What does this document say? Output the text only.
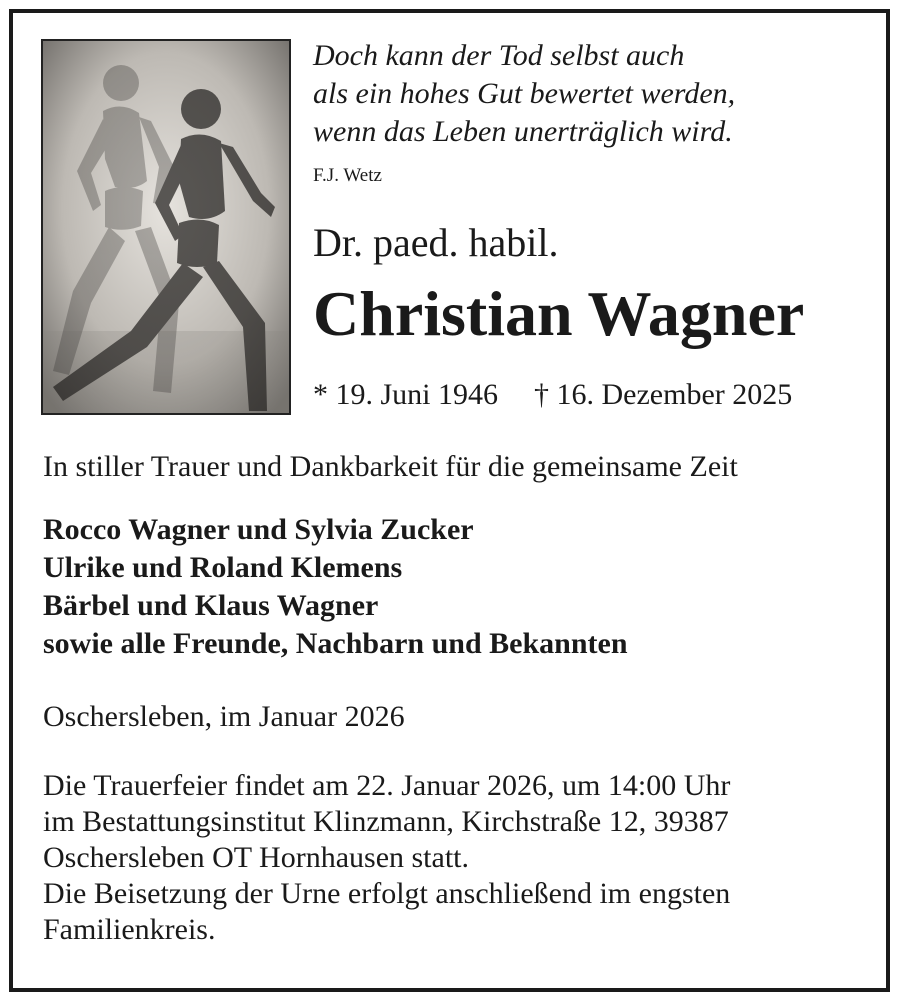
Doch kann der Tod selbst auch
als ein hohes Gut bewertet werden,
wenn das Leben unerträglich wird.
F.J. Wetz
Dr. paed. habil.
Christian Wagner
* 19. Juni 1946 † 16. Dezember 2025
In stiller Trauer und Dankbarkeit für die gemeinsame Zeit
Rocco Wagner und Sylvia Zucker
Ulrike und Roland Klemens
Bärbel und Klaus Wagner
sowie alle Freunde, Nachbarn und Bekannten
Oschersleben, im Januar 2026
Die Trauerfeier findet am 22. Januar 2026, um 14:00 Uhr
im Bestattungsinstitut Klinzmann, Kirchstraße 12, 39387
Oschersleben OT Hornhausen statt.
Die Beisetzung der Urne erfolgt anschließend im engsten
Familienkreis.
